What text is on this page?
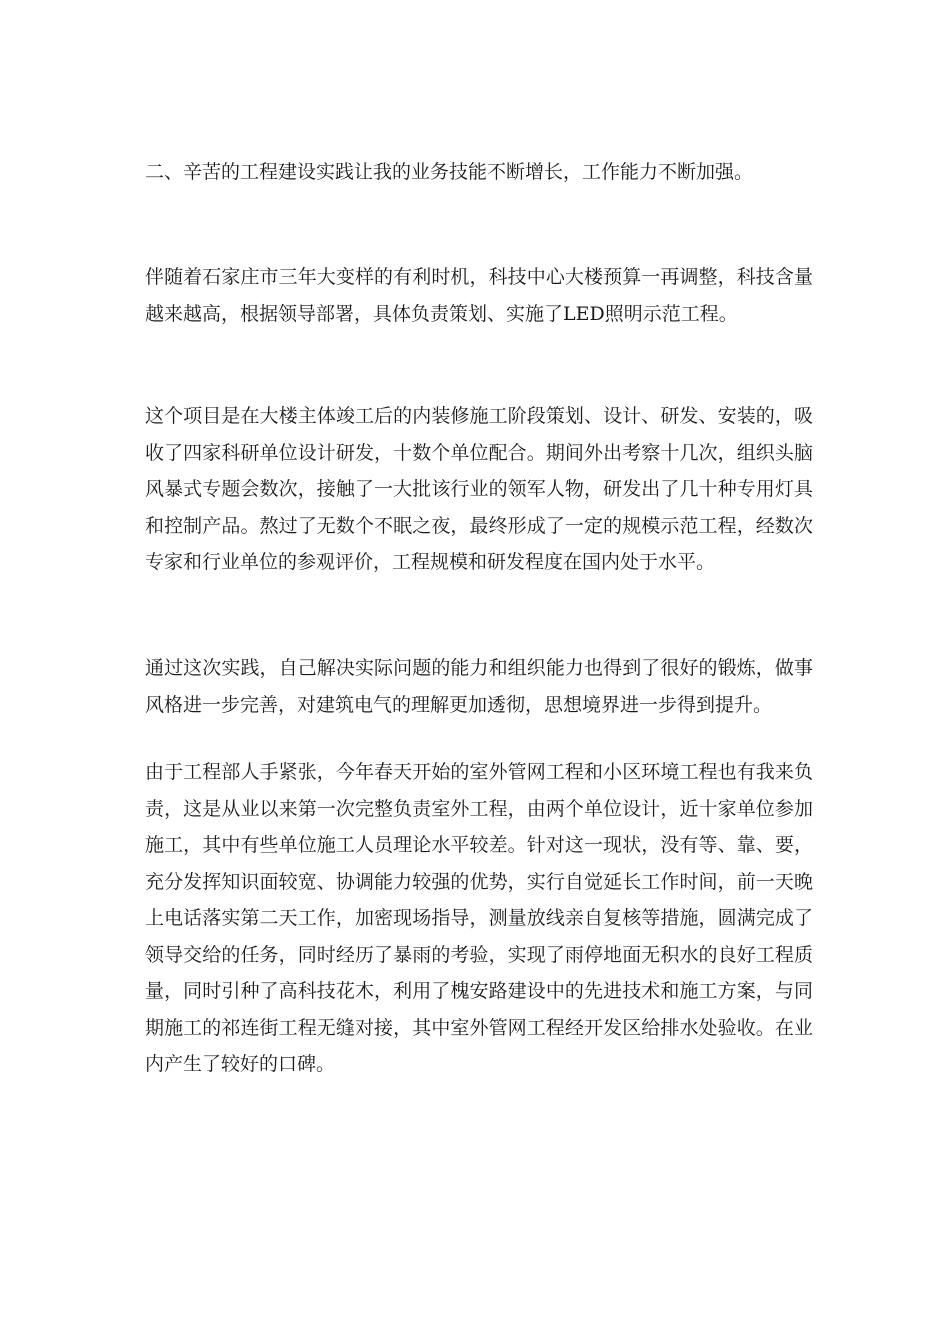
二、辛苦的工程建设实践让我的业务技能不断增长，工作能力不断加强。

伴随着石家庄市三年大变样的有利时机，科技中心大楼预算一再调整，科技含量越来越高，根据领导部署，具体负责策划、实施了LED照明示范工程。

这个项目是在大楼主体竣工后的内装修施工阶段策划、设计、研发、安装的，吸收了四家科研单位设计研发，十数个单位配合。期间外出考察十几次，组织头脑风暴式专题会数次，接触了一大批该行业的领军人物，研发出了几十种专用灯具和控制产品。熬过了无数个不眠之夜，最终形成了一定的规模示范工程，经数次专家和行业单位的参观评价，工程规模和研发程度在国内处于水平。

通过这次实践，自己解决实际问题的能力和组织能力也得到了很好的锻炼，做事风格进一步完善，对建筑电气的理解更加透彻，思想境界进一步得到提升。

由于工程部人手紧张，今年春天开始的室外管网工程和小区环境工程也有我来负责，这是从业以来第一次完整负责室外工程，由两个单位设计，近十家单位参加施工，其中有些单位施工人员理论水平较差。针对这一现状，没有等、靠、要，充分发挥知识面较宽、协调能力较强的优势，实行自觉延长工作时间，前一天晚上电话落实第二天工作，加密现场指导，测量放线亲自复核等措施，圆满完成了领导交给的任务，同时经历了暴雨的考验，实现了雨停地面无积水的良好工程质量，同时引种了高科技花木，利用了槐安路建设中的先进技术和施工方案，与同期施工的祁连街工程无缝对接，其中室外管网工程经开发区给排水处验收。在业内产生了较好的口碑。
